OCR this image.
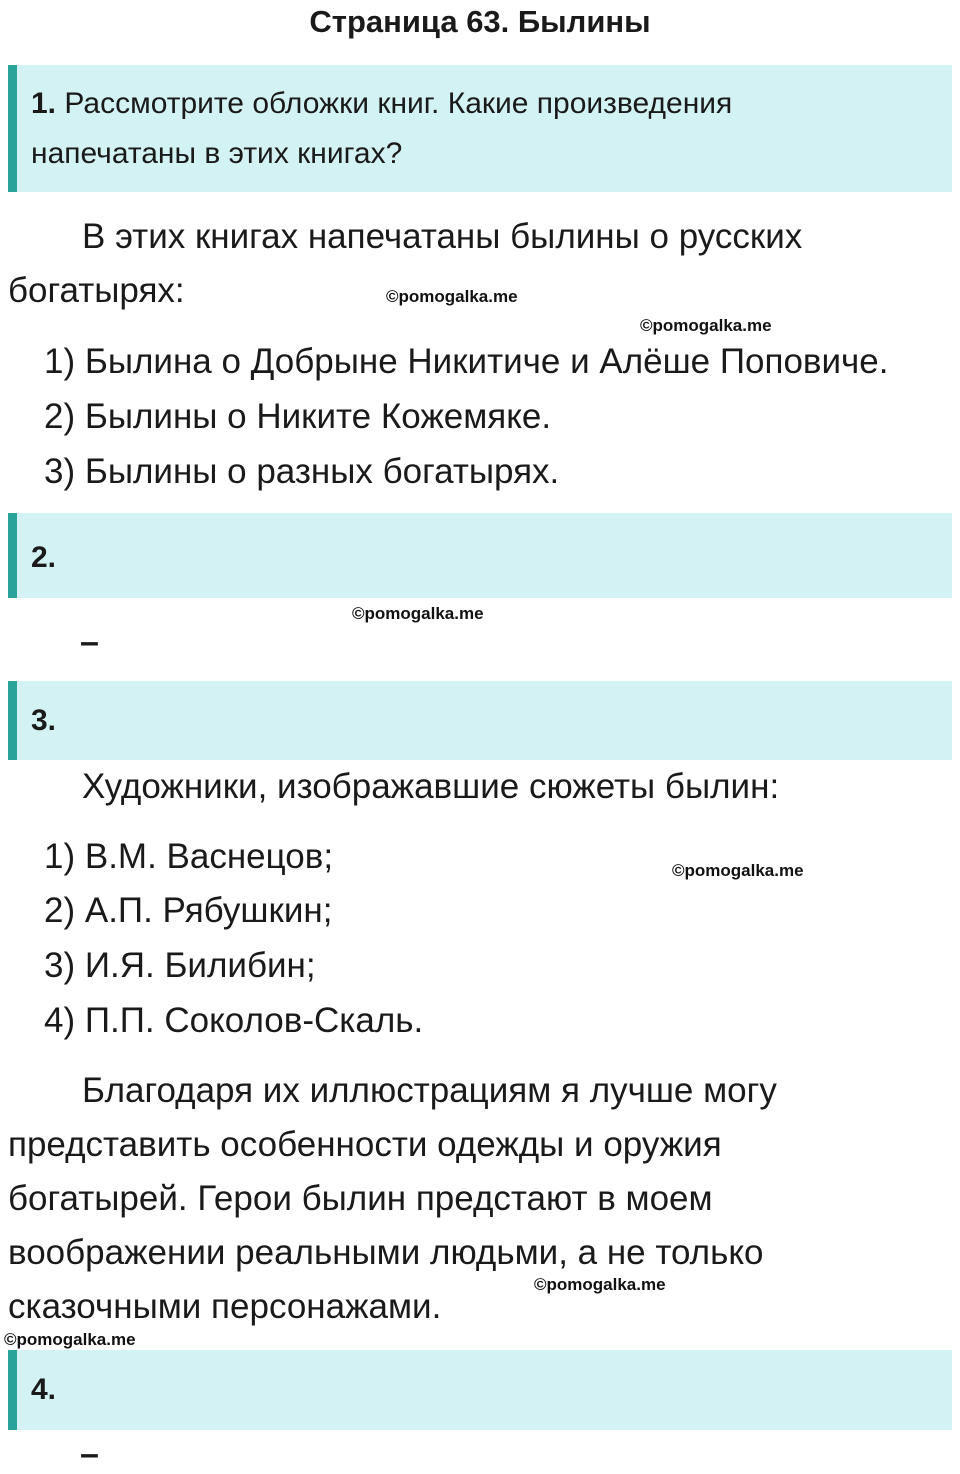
Страница 63. Былины
1. Рассмотрите обложки книг. Какие произведения
напечатаны в этих книгах?
В этих книгах напечатаны былины о русских
богатырях:	©pomogalka.me
©pomogalka.me
1) Былина о Добрыне Никитиче и Алёше Поповиче.
2) Былины о Никите Кожемяке.
3) Былины о разных богатырях.
2.
©pomogalka.me
–
3.
Художники, изображавшие сюжеты былин:
1) В.М. Васнецов;	©pomogalka.me
2) А.П. Рябушкин;
3) И.Я. Билибин;
4) П.П. Соколов-Скаль.
Благодаря их иллюстрациям я лучше могу
представить особенности одежды и оружия
богатырей. Герои былин предстают в моем
воображении реальными людьми, а не только
©pomogalka.me
сказочными персонажами.
©pomogalka.me
4.
–
